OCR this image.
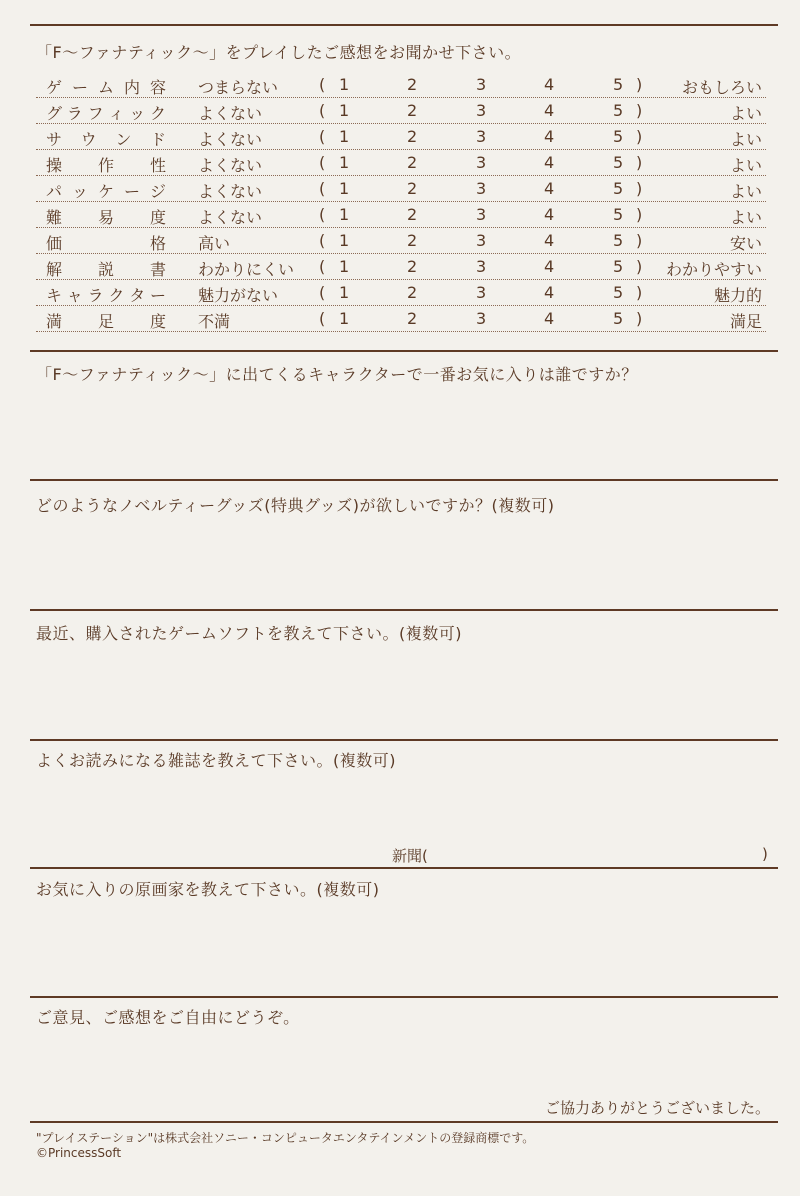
「F～ファナティック～」をプレイしたご感想をお聞かせ下さい。
ゲ ー ム 内 容 つまらない	( 1	2	3	4	5 ) おもしろい
グ ラ フ ィ ッ ク よくない	( 1	2	3	4	5 )	よい
サ ウ ン ド よくない	( 1	2	3	4	5 )	よい
操 作 性 よくない	( 1	2	3	4	5 )	よい
パ ッ ケ ー ジ よくない	( 1	2	3	4	5 )	よい
難 易 度 よくない	( 1	2	3	4	5 )	よい
価	格 高い	( 1	2	3	4	5 )	安い
解 説 書 わかりにくい ( 1	2	3	4	5 ) わかりやすい
キ ャ ラ ク タ ー 魅力がない	( 1	2	3	4	5 )	魅力的
満 足 度 不満	( 1	2	3	4	5 )	満足
「F～ファナティック～」に出てくるキャラクターで一番お気に入りは誰ですか？
どのようなノベルティーグッズ(特典グッズ)が欲しいですか？(複数可)
最近、購入されたゲームソフトを教えて下さい。(複数可)
よくお読みになる雑誌を教えて下さい。(複数可)
新聞(	)
お気に入りの原画家を教えて下さい。(複数可)
ご意見、ご感想をご自由にどうぞ。
ご協力ありがとうございました。
"プレイステーション"は株式会社ソニー・コンピュータエンタテインメントの登録商標です。
©PrincessSoft
